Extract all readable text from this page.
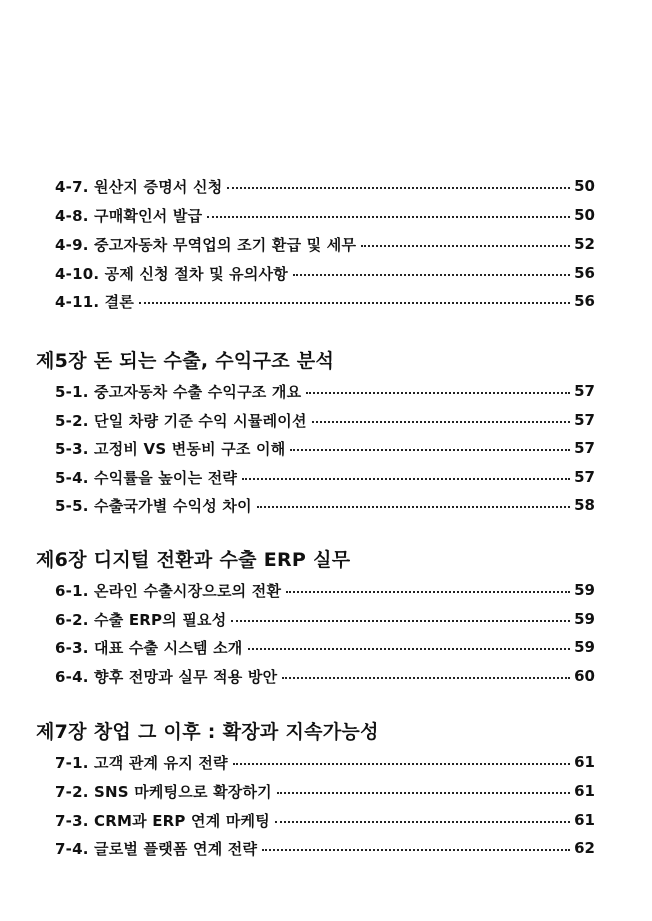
4-7. 원산지 증명서 신청	50
4-8. 구매확인서 발급	50
4-9. 중고자동차 무역업의 조기 환급 및 세무	52
4-10. 공제 신청 절차 및 유의사항	56
4-11. 결론	56
제5장 돈 되는 수출, 수익구조 분석
5-1. 중고자동차 수출 수익구조 개요	57
5-2. 단일 차량 기준 수익 시뮬레이션	57
5-3. 고정비 VS 변동비 구조 이해	57
5-4. 수익률을 높이는 전략	57
5-5. 수출국가별 수익성 차이	58
제6장 디지털 전환과 수출 ERP 실무
6-1. 온라인 수출시장으로의 전환	59
6-2. 수출 ERP의 필요성	59
6-3. 대표 수출 시스템 소개	59
6-4. 향후 전망과 실무 적용 방안	60
제7장 창업 그 이후 : 확장과 지속가능성
7-1. 고객 관계 유지 전략	61
7-2. SNS 마케팅으로 확장하기	61
7-3. CRM과 ERP 연계 마케팅	61
7-4. 글로벌 플랫폼 연계 전략	62
